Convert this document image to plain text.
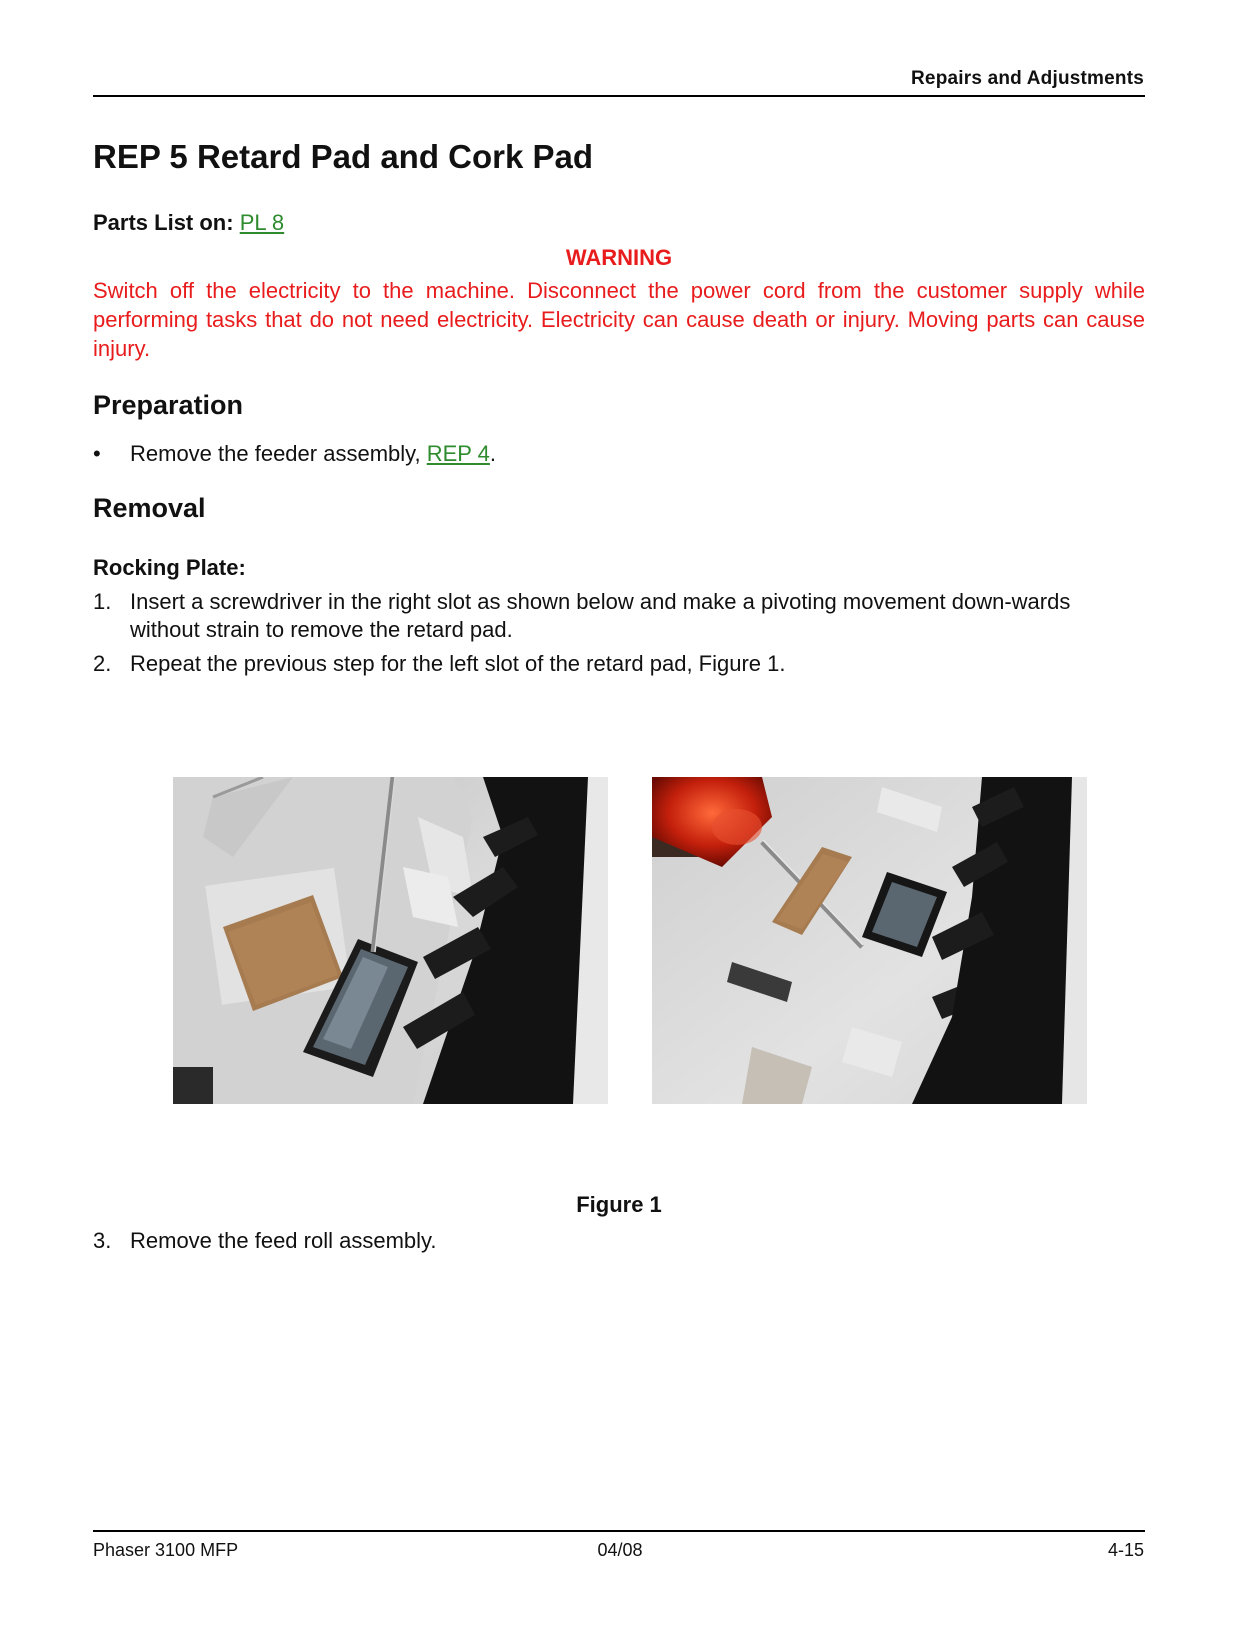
Repairs and Adjustments
REP 5 Retard Pad and Cork Pad
Parts List on: PL 8
WARNING

Switch off the electricity to the machine. Disconnect the power cord from the customer supply while performing tasks that do not need electricity. Electricity can cause death or injury. Moving parts can cause injury.

Preparation
• Remove the feeder assembly, REP 4.
Removal
Rocking Plate:
1. Insert a screwdriver in the right slot as shown below and make a pivoting movement down-wards without strain to remove the retard pad.
2. Repeat the previous step for the left slot of the retard pad, Figure 1.
Figure 1
3. Remove the feed roll assembly.
Phaser 3100 MFP	04/08	4-15
